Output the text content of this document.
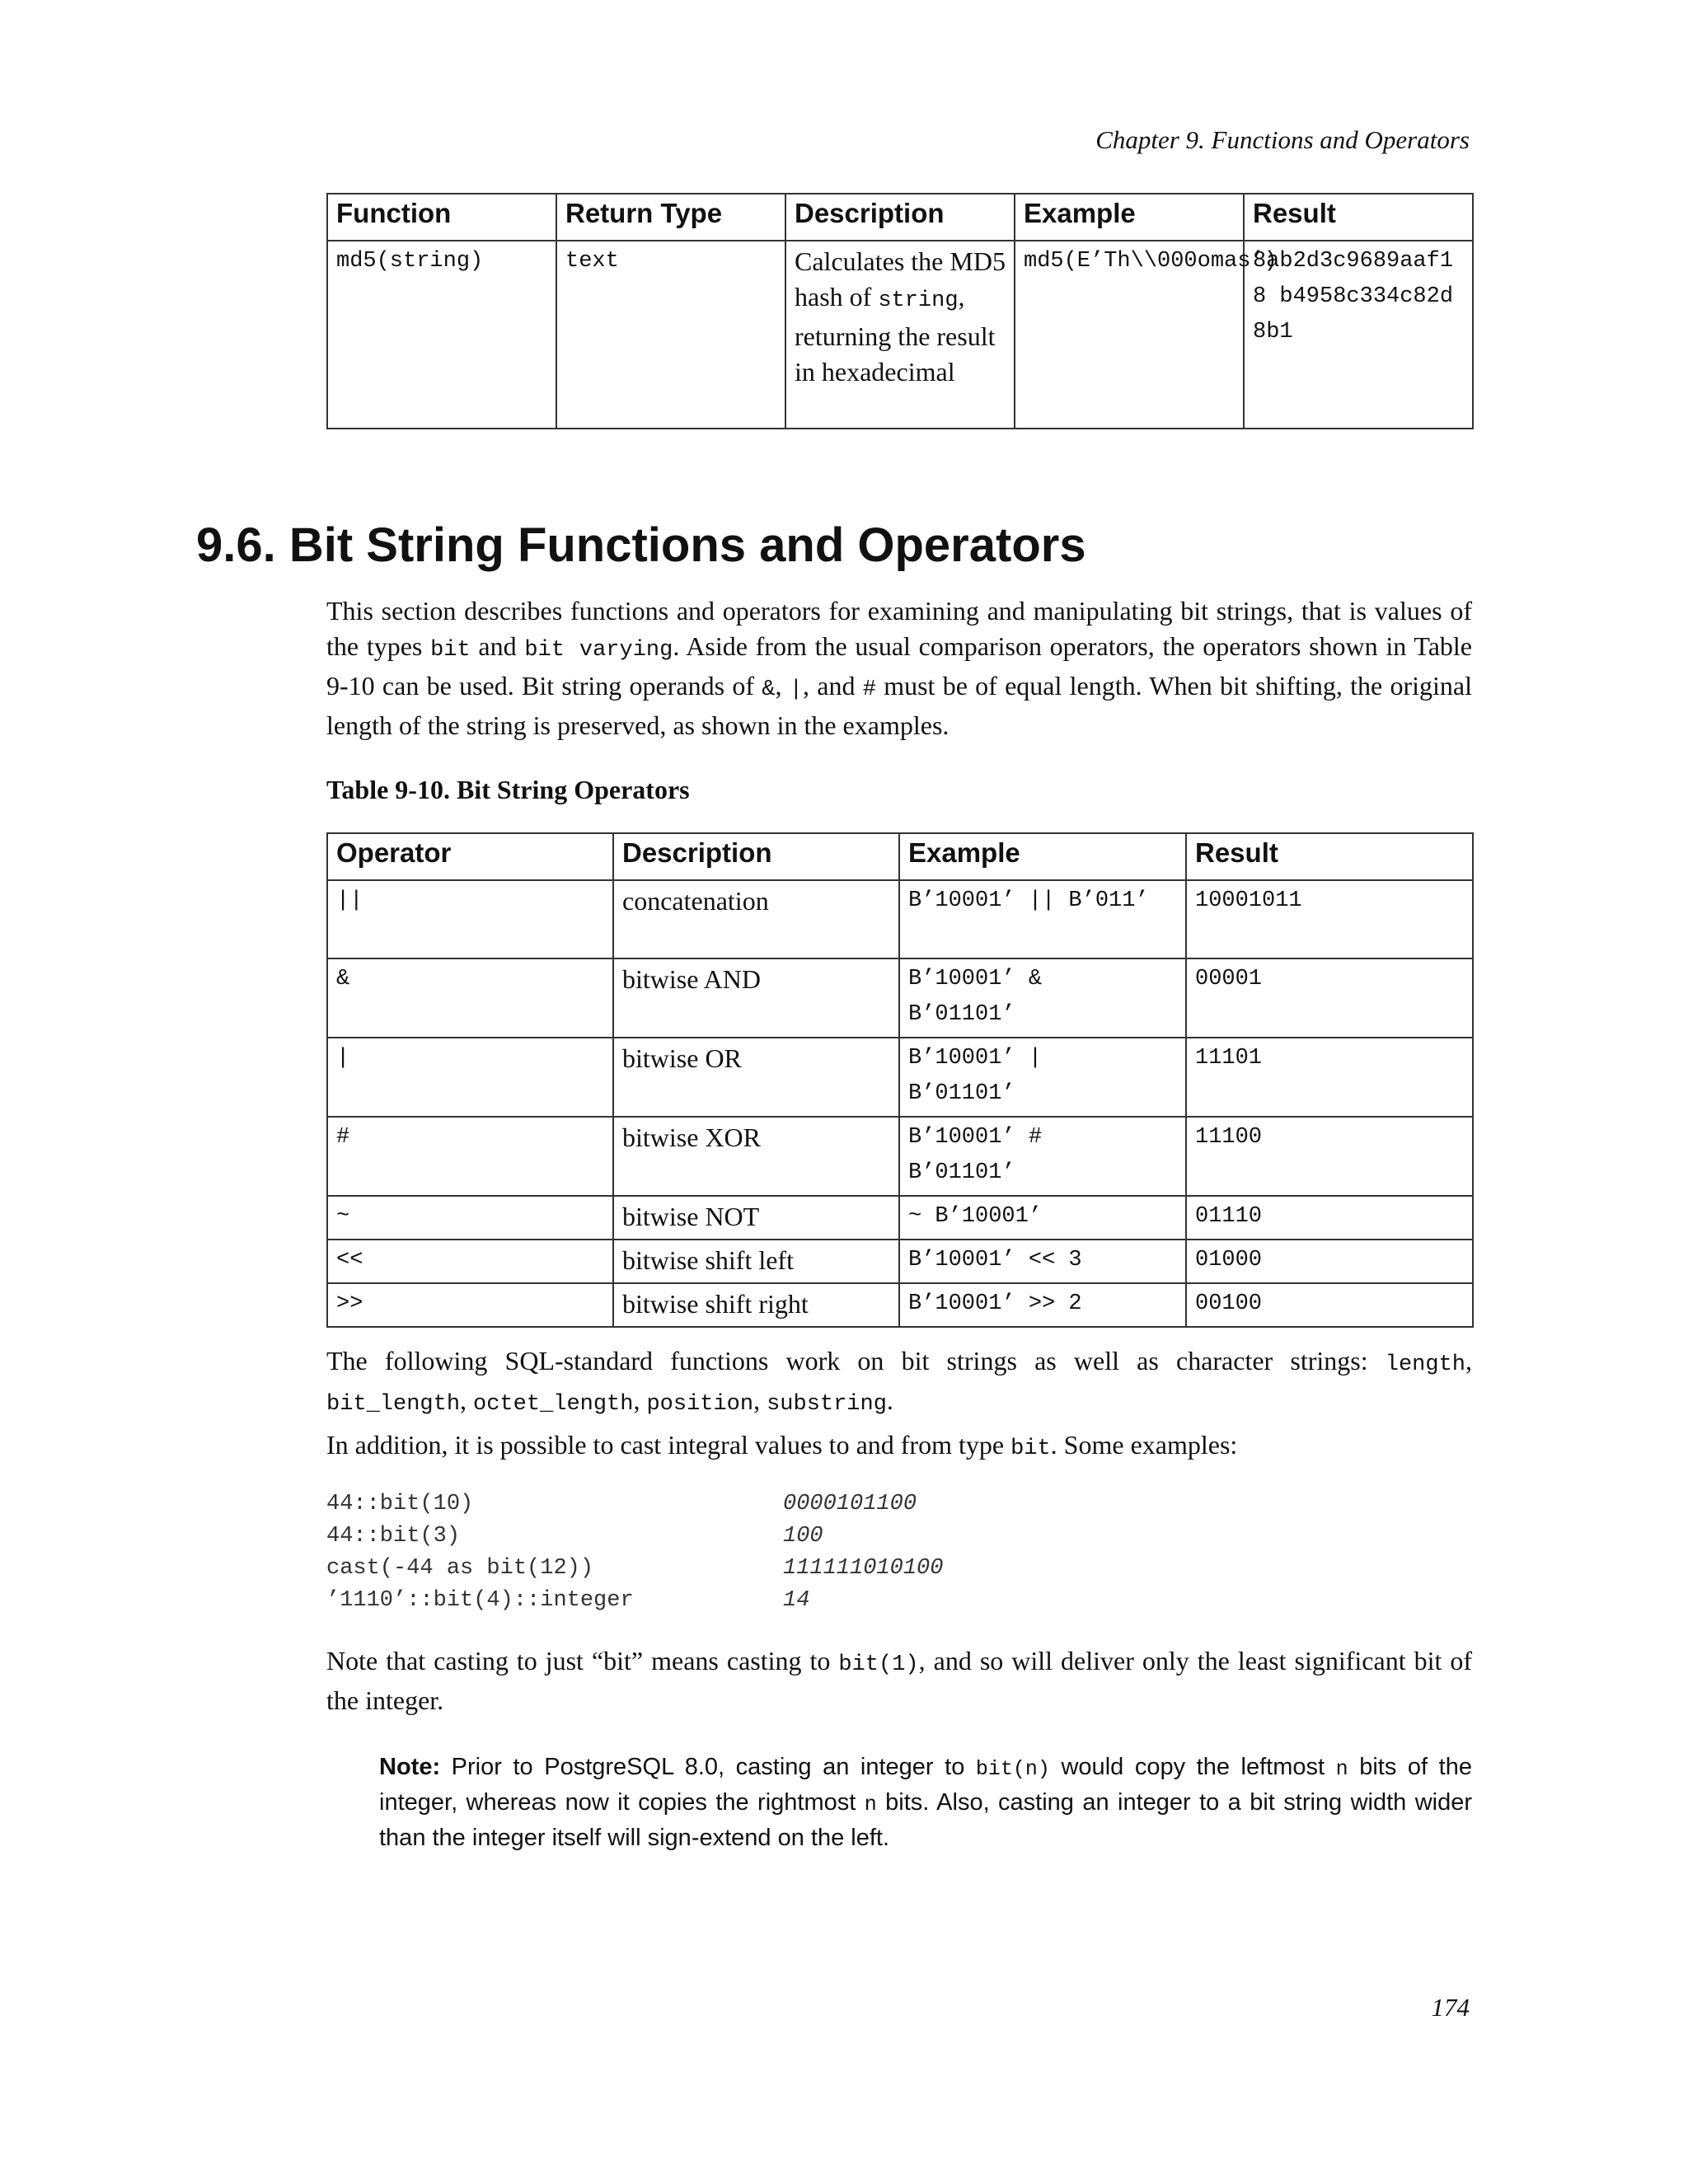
Chapter 9. Functions and Operators
Function	Return Type	Description	Example	Result
md5(string)	text	Calculates the MD5 hash of string, returning the result in hexadecimal	md5(E’Th\\000omas’)	8ab2d3c9689aaf18 b4958c334c82d8b1
9.6. Bit String Functions and Operators

This section describes functions and operators for examining and manipulating bit strings, that is values of the types bit and bit varying. Aside from the usual comparison operators, the operators shown in Table 9-10 can be used. Bit string operands of &, |, and # must be of equal length. When bit shifting, the original length of the string is preserved, as shown in the examples.

Table 9-10. Bit String Operators

Operator	Description	Example	Result
||	concatenation	B’10001’ || B’011’	10001011
&	bitwise AND	B’10001’ & B’01101’	00001
|	bitwise OR	B’10001’ | B’01101’	11101
#	bitwise XOR	B’10001’ # B’01101’	11100
~	bitwise NOT	~ B’10001’	01110
<<	bitwise shift left	B’10001’ << 3	01000
>>	bitwise shift right	B’10001’ >> 2	00100

The following SQL-standard functions work on bit strings as well as character strings: length, bit_length, octet_length, position, substring.

In addition, it is possible to cast integral values to and from type bit. Some examples:

44::bit(10)	0000101100
44::bit(3)	100
cast(-44 as bit(12))	111111010100
’1110’::bit(4)::integer	14

Note that casting to just “bit” means casting to bit(1), and so will deliver only the least significant bit of the integer.

Note: Prior to PostgreSQL 8.0, casting an integer to bit(n) would copy the leftmost n bits of the integer, whereas now it copies the rightmost n bits. Also, casting an integer to a bit string width wider than the integer itself will sign-extend on the left.

174
